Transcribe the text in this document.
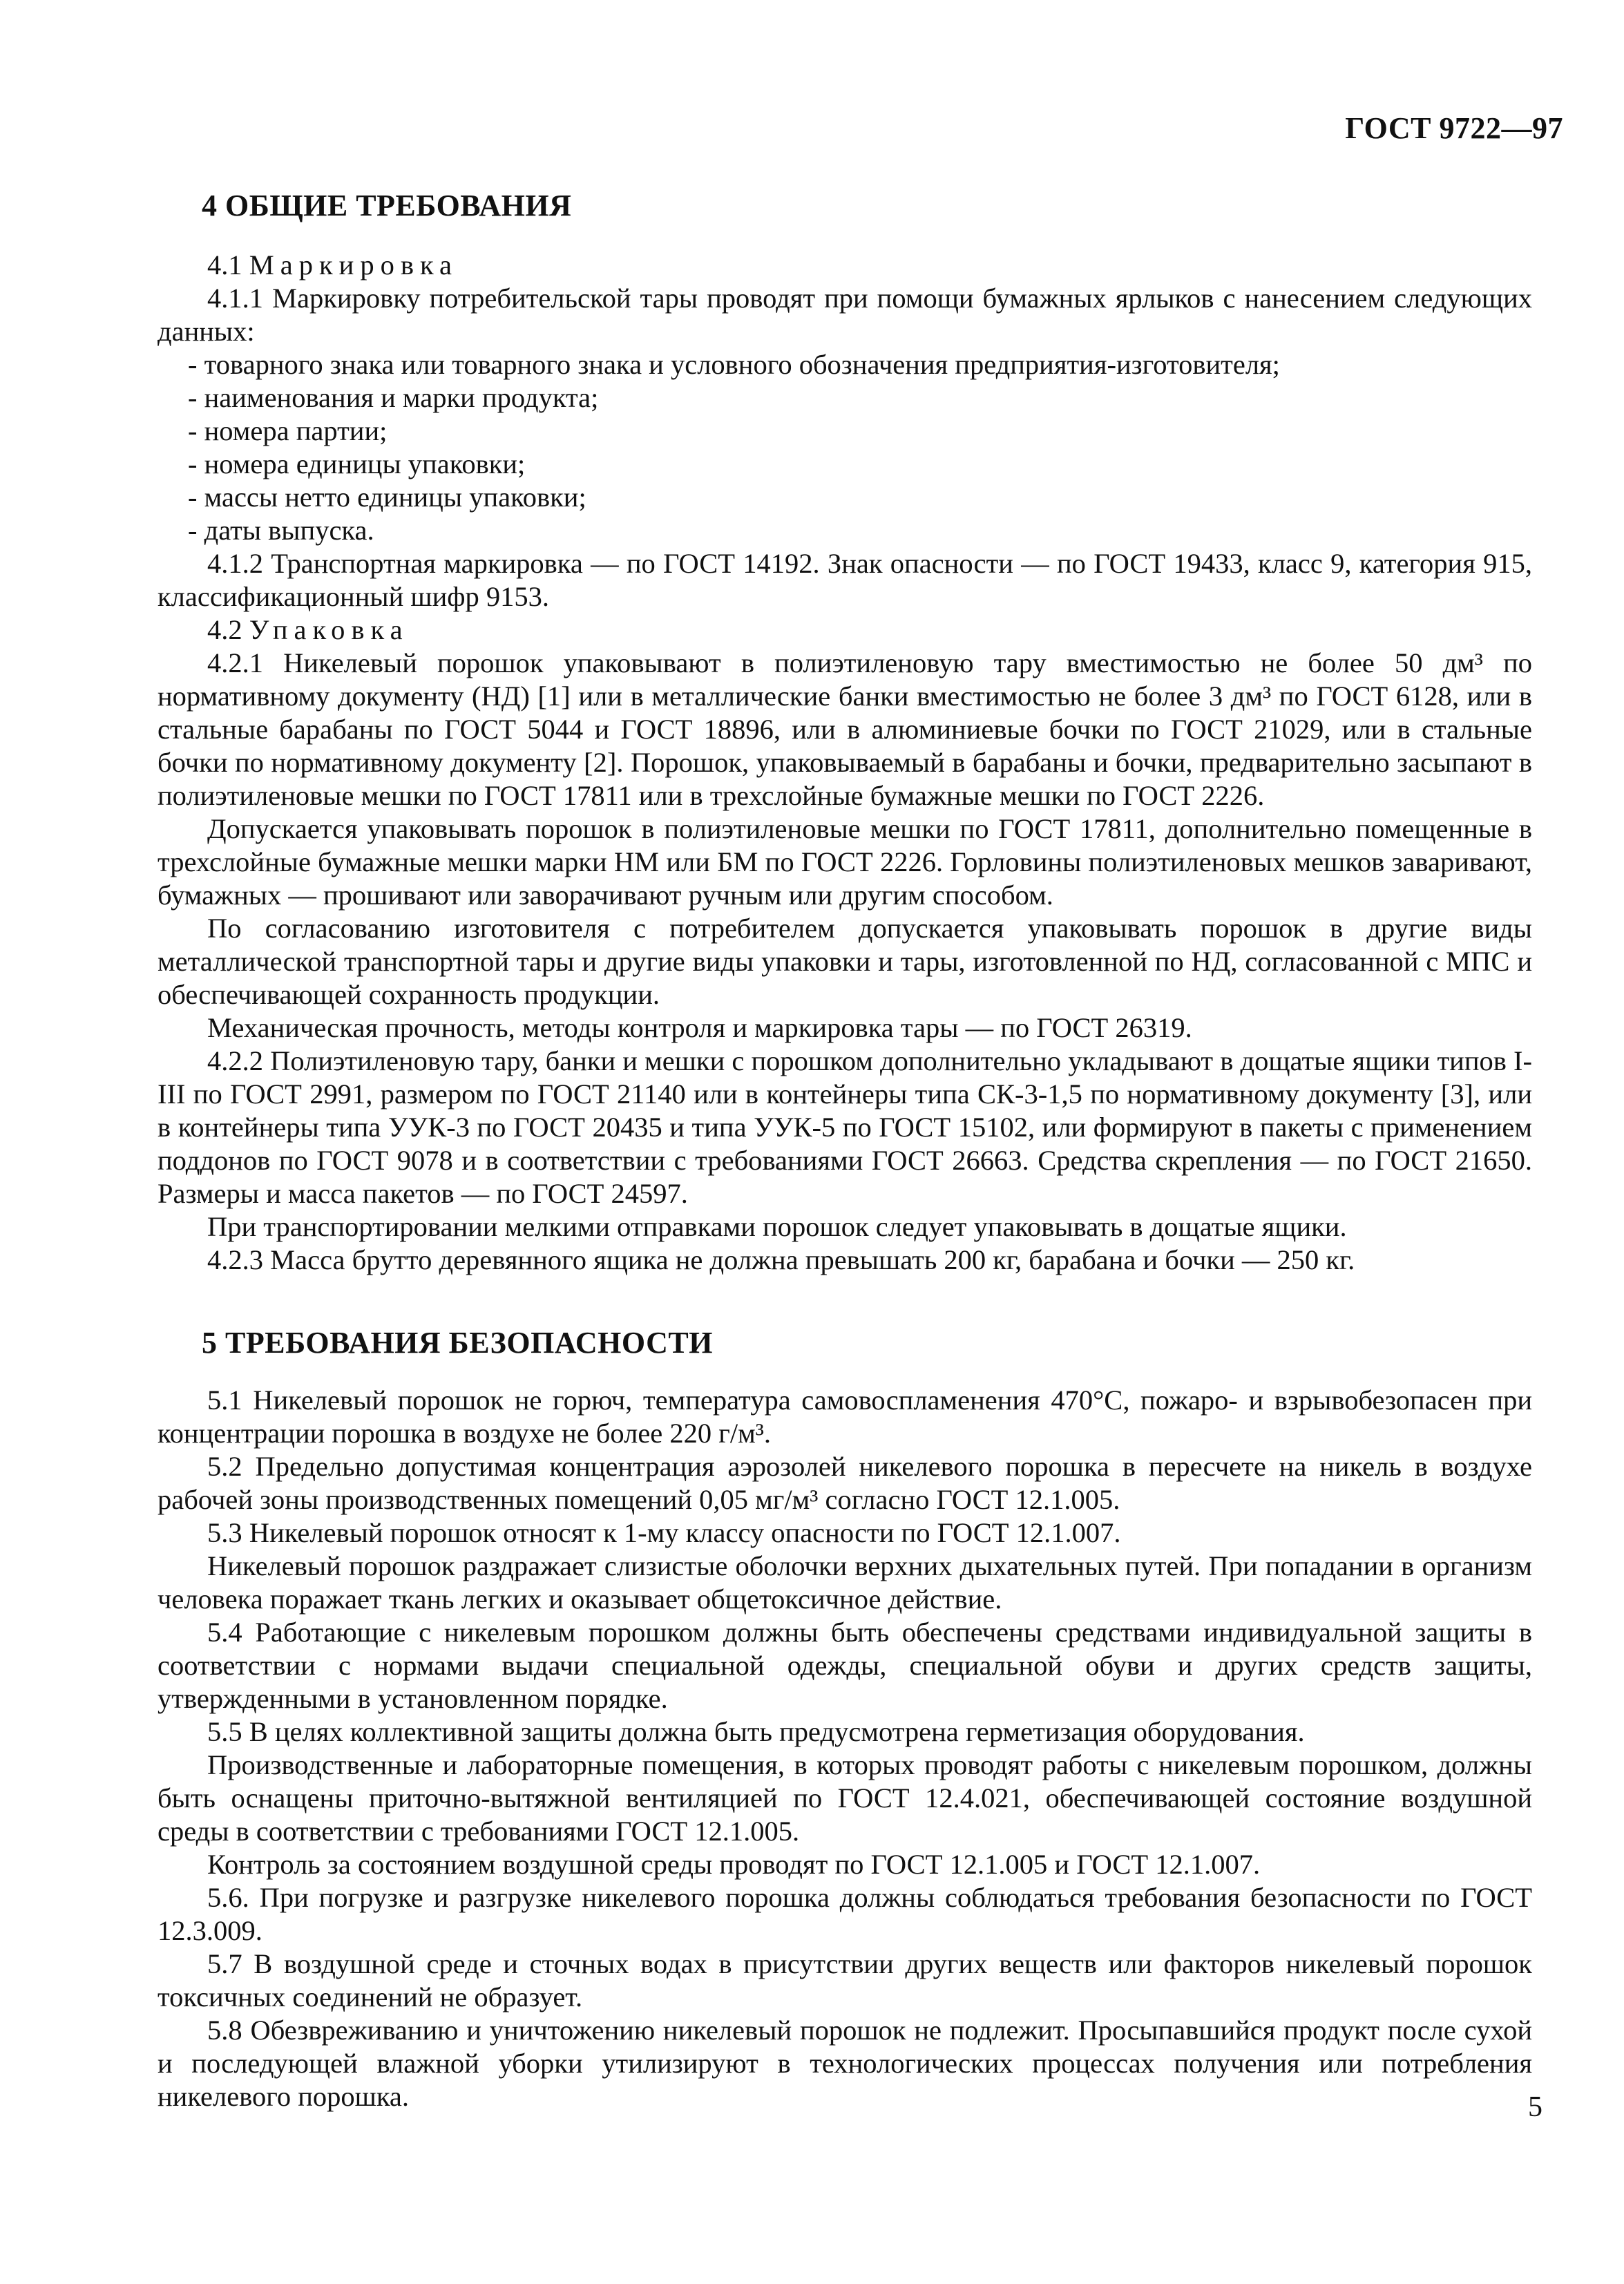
ГОСТ 9722—97
4 ОБЩИЕ ТРЕБОВАНИЯ

4.1 Маркировка

4.1.1 Маркировку потребительской тары проводят при помощи бумажных ярлыков с нанесением следующих данных:

- товарного знака или товарного знака и условного обозначения предприятия-изготовителя;

- наименования и марки продукта;

- номера партии;

- номера единицы упаковки;

- массы нетто единицы упаковки;

- даты выпуска.

4.1.2 Транспортная маркировка — по ГОСТ 14192. Знак опасности — по ГОСТ 19433, класс 9, категория 915, классификационный шифр 9153.

4.2 Упаковка

4.2.1 Никелевый порошок упаковывают в полиэтиленовую тару вместимостью не более 50 дм³ по нормативному документу (НД) [1] или в металлические банки вместимостью не более 3 дм³ по ГОСТ 6128, или в стальные барабаны по ГОСТ 5044 и ГОСТ 18896, или в алюминиевые бочки по ГОСТ 21029, или в стальные бочки по нормативному документу [2]. Порошок, упаковываемый в барабаны и бочки, предварительно засыпают в полиэтиленовые мешки по ГОСТ 17811 или в трехслойные бумажные мешки по ГОСТ 2226.

Допускается упаковывать порошок в полиэтиленовые мешки по ГОСТ 17811, дополнительно помещенные в трехслойные бумажные мешки марки НМ или БМ по ГОСТ 2226. Горловины полиэтиленовых мешков заваривают, бумажных — прошивают или заворачивают ручным или другим способом.

По согласованию изготовителя с потребителем допускается упаковывать порошок в другие виды металлической транспортной тары и другие виды упаковки и тары, изготовленной по НД, согласованной с МПС и обеспечивающей сохранность продукции.

Механическая прочность, методы контроля и маркировка тары — по ГОСТ 26319.

4.2.2 Полиэтиленовую тару, банки и мешки с порошком дополнительно укладывают в дощатые ящики типов I-III по ГОСТ 2991, размером по ГОСТ 21140 или в контейнеры типа СК-3-1,5 по нормативному документу [3], или в контейнеры типа УУК-3 по ГОСТ 20435 и типа УУК-5 по ГОСТ 15102, или формируют в пакеты с применением поддонов по ГОСТ 9078 и в соответствии с требованиями ГОСТ 26663. Средства скрепления — по ГОСТ 21650. Размеры и масса пакетов — по ГОСТ 24597.

При транспортировании мелкими отправками порошок следует упаковывать в дощатые ящики.

4.2.3 Масса брутто деревянного ящика не должна превышать 200 кг, барабана и бочки — 250 кг.

5 ТРЕБОВАНИЯ БЕЗОПАСНОСТИ

5.1 Никелевый порошок не горюч, температура самовоспламенения 470°С, пожаро- и взрывобезопасен при концентрации порошка в воздухе не более 220 г/м³.

5.2 Предельно допустимая концентрация аэрозолей никелевого порошка в пересчете на никель в воздухе рабочей зоны производственных помещений 0,05 мг/м³ согласно ГОСТ 12.1.005.

5.3 Никелевый порошок относят к 1-му классу опасности по ГОСТ 12.1.007.

Никелевый порошок раздражает слизистые оболочки верхних дыхательных путей. При попадании в организм человека поражает ткань легких и оказывает общетоксичное действие.

5.4 Работающие с никелевым порошком должны быть обеспечены средствами индивидуальной защиты в соответствии с нормами выдачи специальной одежды, специальной обуви и других средств защиты, утвержденными в установленном порядке.

5.5 В целях коллективной защиты должна быть предусмотрена герметизация оборудования.

Производственные и лабораторные помещения, в которых проводят работы с никелевым порошком, должны быть оснащены приточно-вытяжной вентиляцией по ГОСТ 12.4.021, обеспечивающей состояние воздушной среды в соответствии с требованиями ГОСТ 12.1.005.

Контроль за состоянием воздушной среды проводят по ГОСТ 12.1.005 и ГОСТ 12.1.007.

5.6. При погрузке и разгрузке никелевого порошка должны соблюдаться требования безопасности по ГОСТ 12.3.009.

5.7 В воздушной среде и сточных водах в присутствии других веществ или факторов никелевый порошок токсичных соединений не образует.

5.8 Обезвреживанию и уничтожению никелевый порошок не подлежит. Просыпавшийся продукт после сухой и последующей влажной уборки утилизируют в технологических процессах получения или потребления никелевого порошка.	5
